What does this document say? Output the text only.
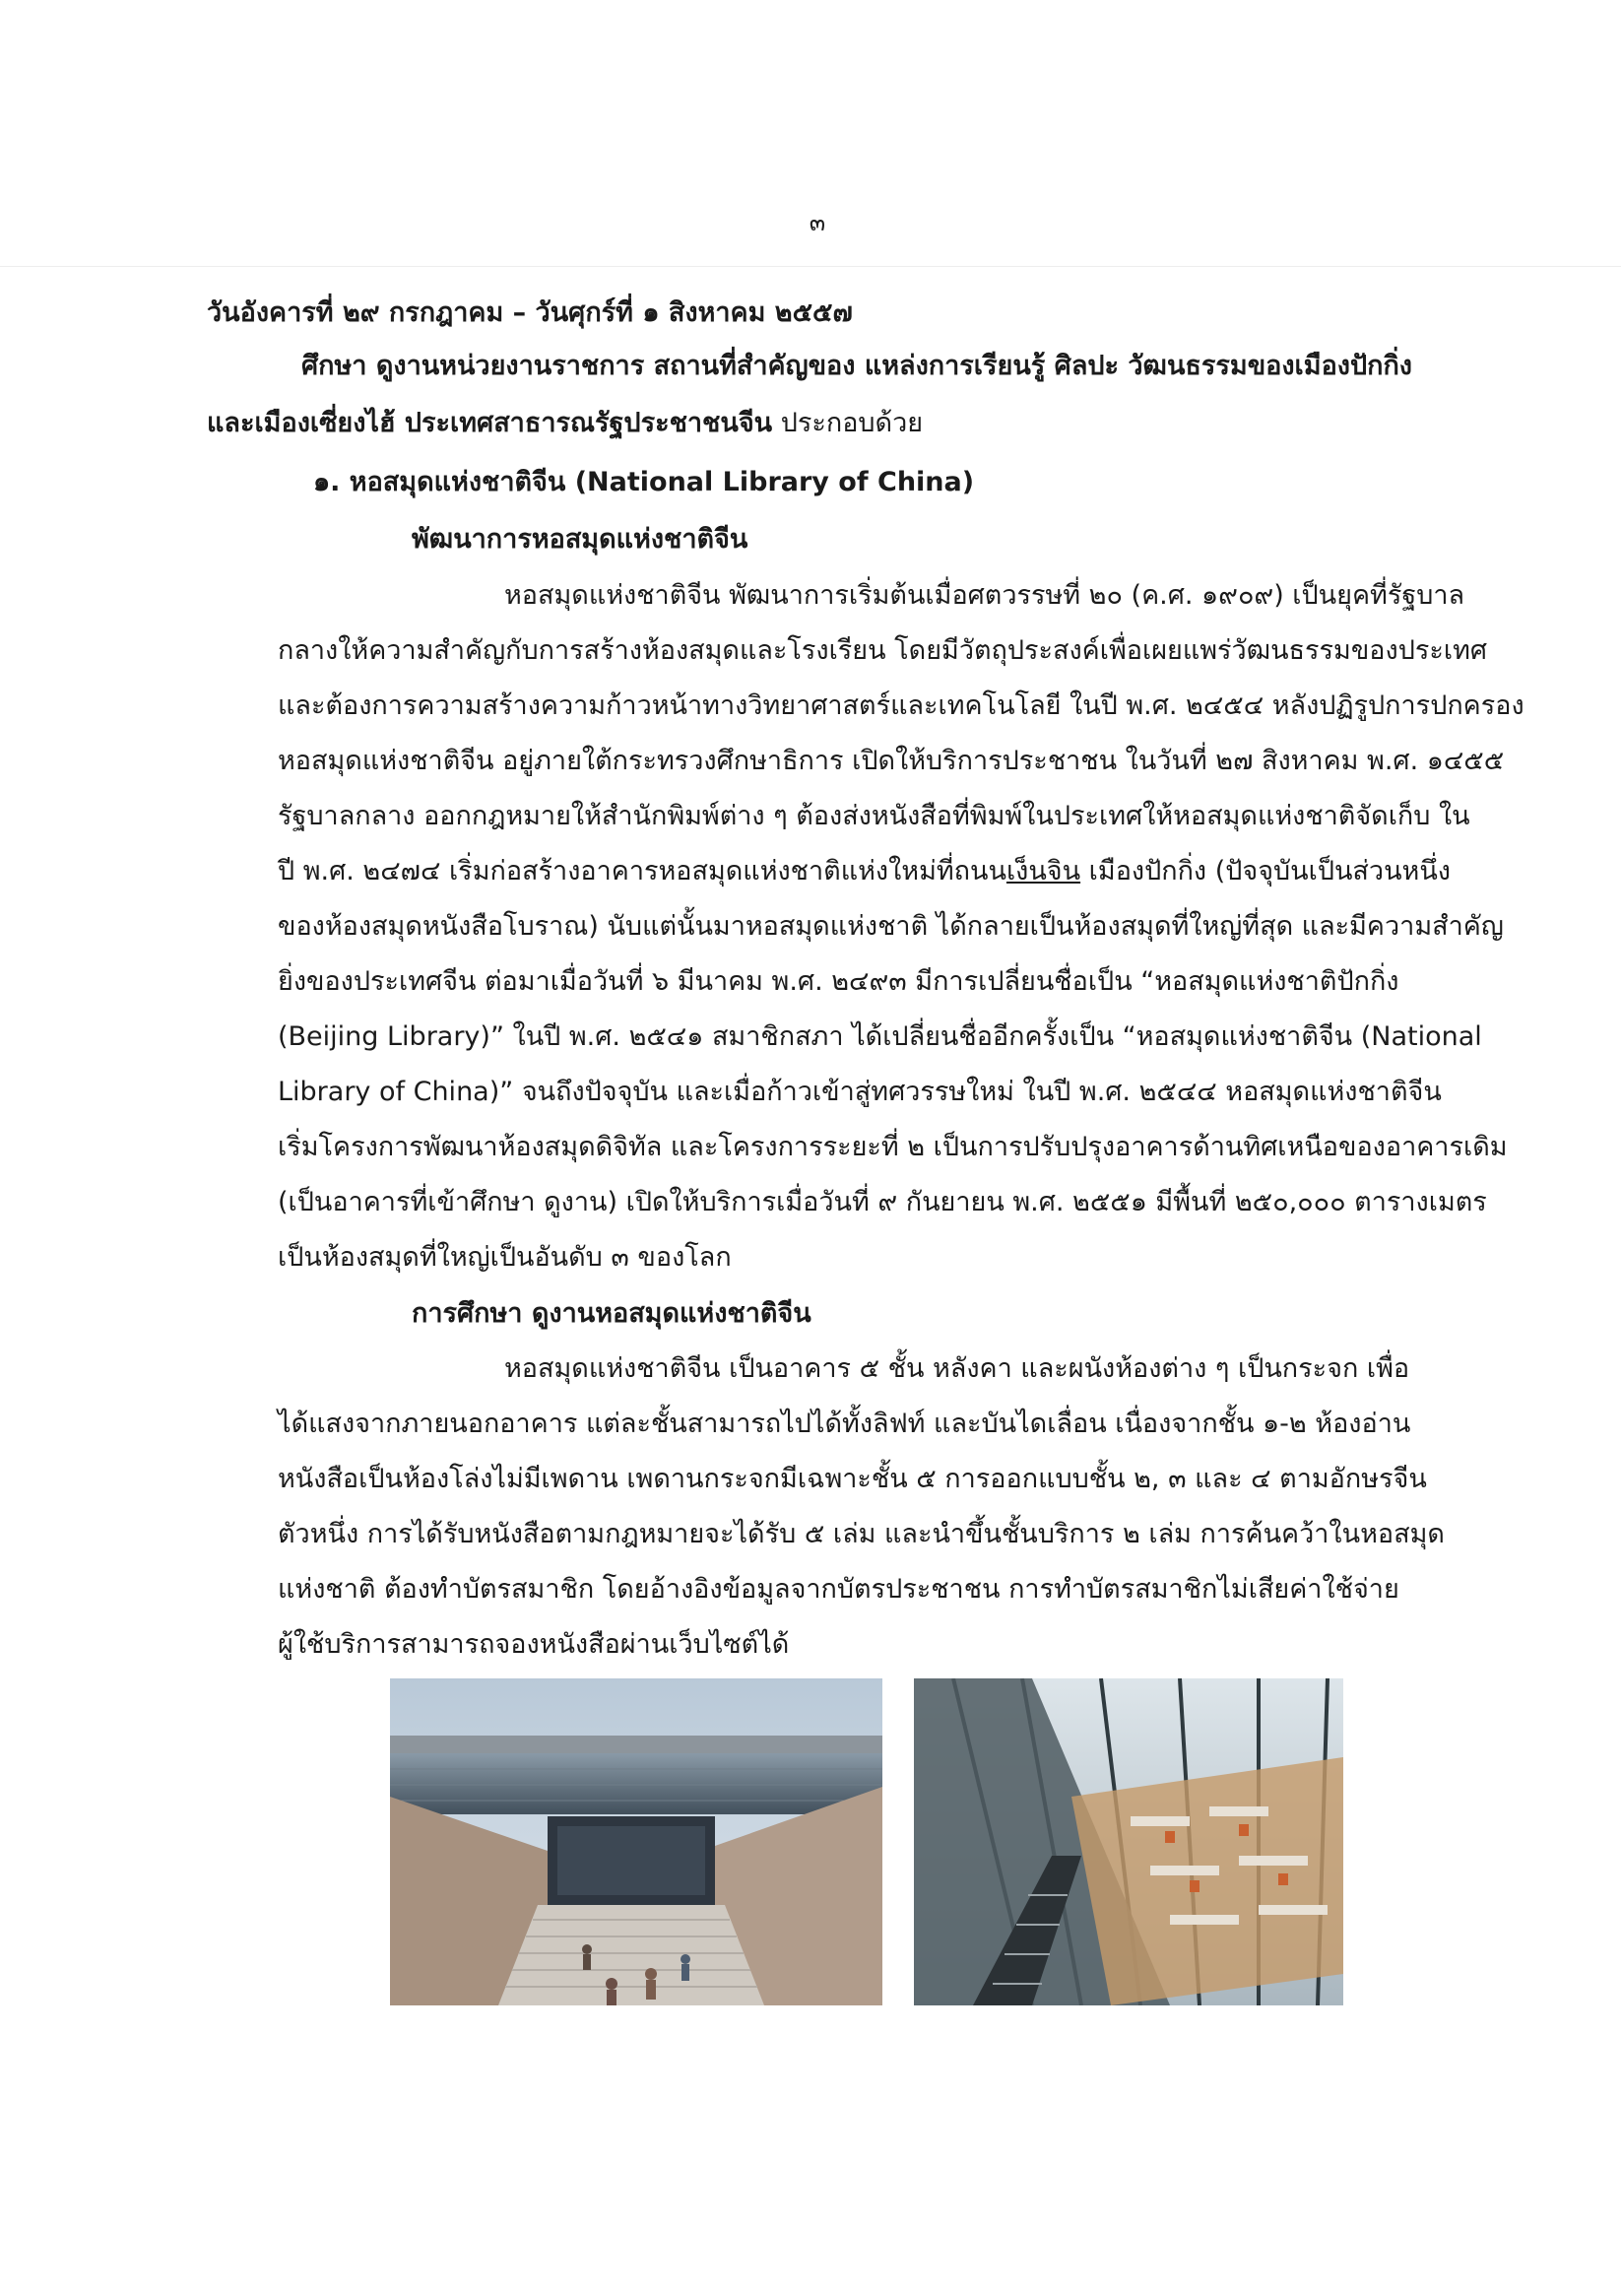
๓
วันอังคารที่ ๒๙ กรกฎาคม – วันศุกร์ที่ ๑ สิงหาคม ๒๕๕๗
ศึกษา ดูงานหน่วยงานราชการ สถานที่สำคัญของ แหล่งการเรียนรู้ ศิลปะ วัฒนธรรมของเมืองปักกิ่ง
และเมืองเซี่ยงไฮ้ ประเทศสาธารณรัฐประชาชนจีน ประกอบด้วย
๑. หอสมุดแห่งชาติจีน (National Library of China)
พัฒนาการหอสมุดแห่งชาติจีน
หอสมุดแห่งชาติจีน พัฒนาการเริ่มต้นเมื่อศตวรรษที่ ๒๐ (ค.ศ. ๑๙๐๙) เป็นยุคที่รัฐบาล
กลางให้ความสำคัญกับการสร้างห้องสมุดและโรงเรียน โดยมีวัตถุประสงค์เพื่อเผยแพร่วัฒนธรรมของประเทศ
และต้องการความสร้างความก้าวหน้าทางวิทยาศาสตร์และเทคโนโลยี ในปี พ.ศ. ๒๔๕๔ หลังปฏิรูปการปกครอง
หอสมุดแห่งชาติจีน อยู่ภายใต้กระทรวงศึกษาธิการ เปิดให้บริการประชาชน ในวันที่ ๒๗ สิงหาคม พ.ศ. ๑๔๕๕
รัฐบาลกลาง ออกกฎหมายให้สำนักพิมพ์ต่าง ๆ ต้องส่งหนังสือที่พิมพ์ในประเทศให้หอสมุดแห่งชาติจัดเก็บ ใน
ปี พ.ศ. ๒๔๗๔ เริ่มก่อสร้างอาคารหอสมุดแห่งชาติแห่งใหม่ที่ถนนเง็นจิน เมืองปักกิ่ง (ปัจจุบันเป็นส่วนหนึ่ง
ของห้องสมุดหนังสือโบราณ) นับแต่นั้นมาหอสมุดแห่งชาติ ได้กลายเป็นห้องสมุดที่ใหญ่ที่สุด และมีความสำคัญ
ยิ่งของประเทศจีน ต่อมาเมื่อวันที่ ๖ มีนาคม พ.ศ. ๒๔๙๓ มีการเปลี่ยนชื่อเป็น “หอสมุดแห่งชาติปักกิ่ง
(Beijing Library)” ในปี พ.ศ. ๒๕๔๑ สมาชิกสภา ได้เปลี่ยนชื่ออีกครั้งเป็น “หอสมุดแห่งชาติจีน (National
Library of China)” จนถึงปัจจุบัน และเมื่อก้าวเข้าสู่ทศวรรษใหม่ ในปี พ.ศ. ๒๕๔๔ หอสมุดแห่งชาติจีน
เริ่มโครงการพัฒนาห้องสมุดดิจิทัล และโครงการระยะที่ ๒ เป็นการปรับปรุงอาคารด้านทิศเหนือของอาคารเดิม
(เป็นอาคารที่เข้าศึกษา ดูงาน) เปิดให้บริการเมื่อวันที่ ๙ กันยายน พ.ศ. ๒๕๕๑ มีพื้นที่ ๒๕๐,๐๐๐ ตารางเมตร
เป็นห้องสมุดที่ใหญ่เป็นอันดับ ๓ ของโลก
การศึกษา ดูงานหอสมุดแห่งชาติจีน
หอสมุดแห่งชาติจีน เป็นอาคาร ๕ ชั้น หลังคา และผนังห้องต่าง ๆ เป็นกระจก เพื่อ
ได้แสงจากภายนอกอาคาร แต่ละชั้นสามารถไปได้ทั้งลิฟท์ และบันไดเลื่อน เนื่องจากชั้น ๑-๒ ห้องอ่าน
หนังสือเป็นห้องโล่งไม่มีเพดาน เพดานกระจกมีเฉพาะชั้น ๕ การออกแบบชั้น ๒, ๓ และ ๔ ตามอักษรจีน
ตัวหนึ่ง การได้รับหนังสือตามกฎหมายจะได้รับ ๕ เล่ม และนำขึ้นชั้นบริการ ๒ เล่ม การค้นคว้าในหอสมุด
แห่งชาติ ต้องทำบัตรสมาชิก โดยอ้างอิงข้อมูลจากบัตรประชาชน การทำบัตรสมาชิกไม่เสียค่าใช้จ่าย
ผู้ใช้บริการสามารถจองหนังสือผ่านเว็บไซต์ได้
